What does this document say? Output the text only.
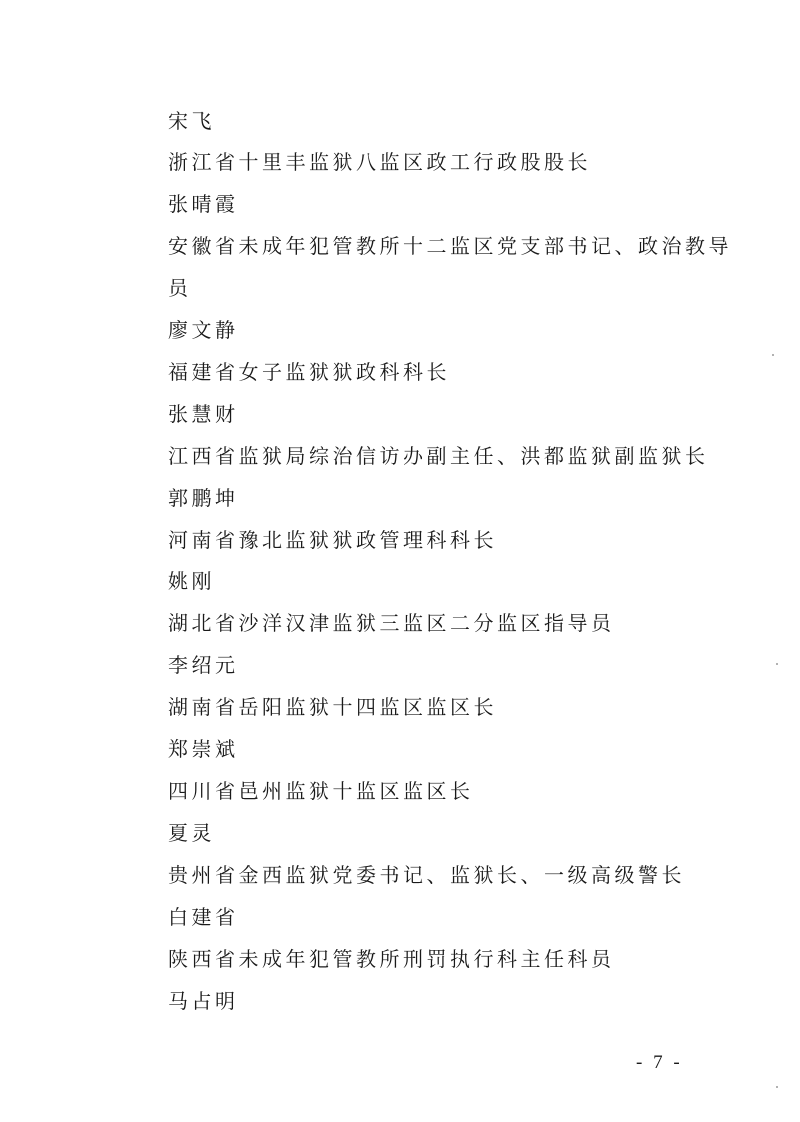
宋飞
浙江省十里丰监狱八监区政工行政股股长
张晴霞
安徽省未成年犯管教所十二监区党支部书记、政治教导
员
廖文静
福建省女子监狱狱政科科长
张慧财
江西省监狱局综治信访办副主任、洪都监狱副监狱长
郭鹏坤
河南省豫北监狱狱政管理科科长
姚刚
湖北省沙洋汉津监狱三监区二分监区指导员
李绍元
湖南省岳阳监狱十四监区监区长
郑崇斌
四川省邑州监狱十监区监区长
夏灵
贵州省金西监狱党委书记、监狱长、一级高级警长
白建省
陕西省未成年犯管教所刑罚执行科主任科员
马占明
- 7 -
